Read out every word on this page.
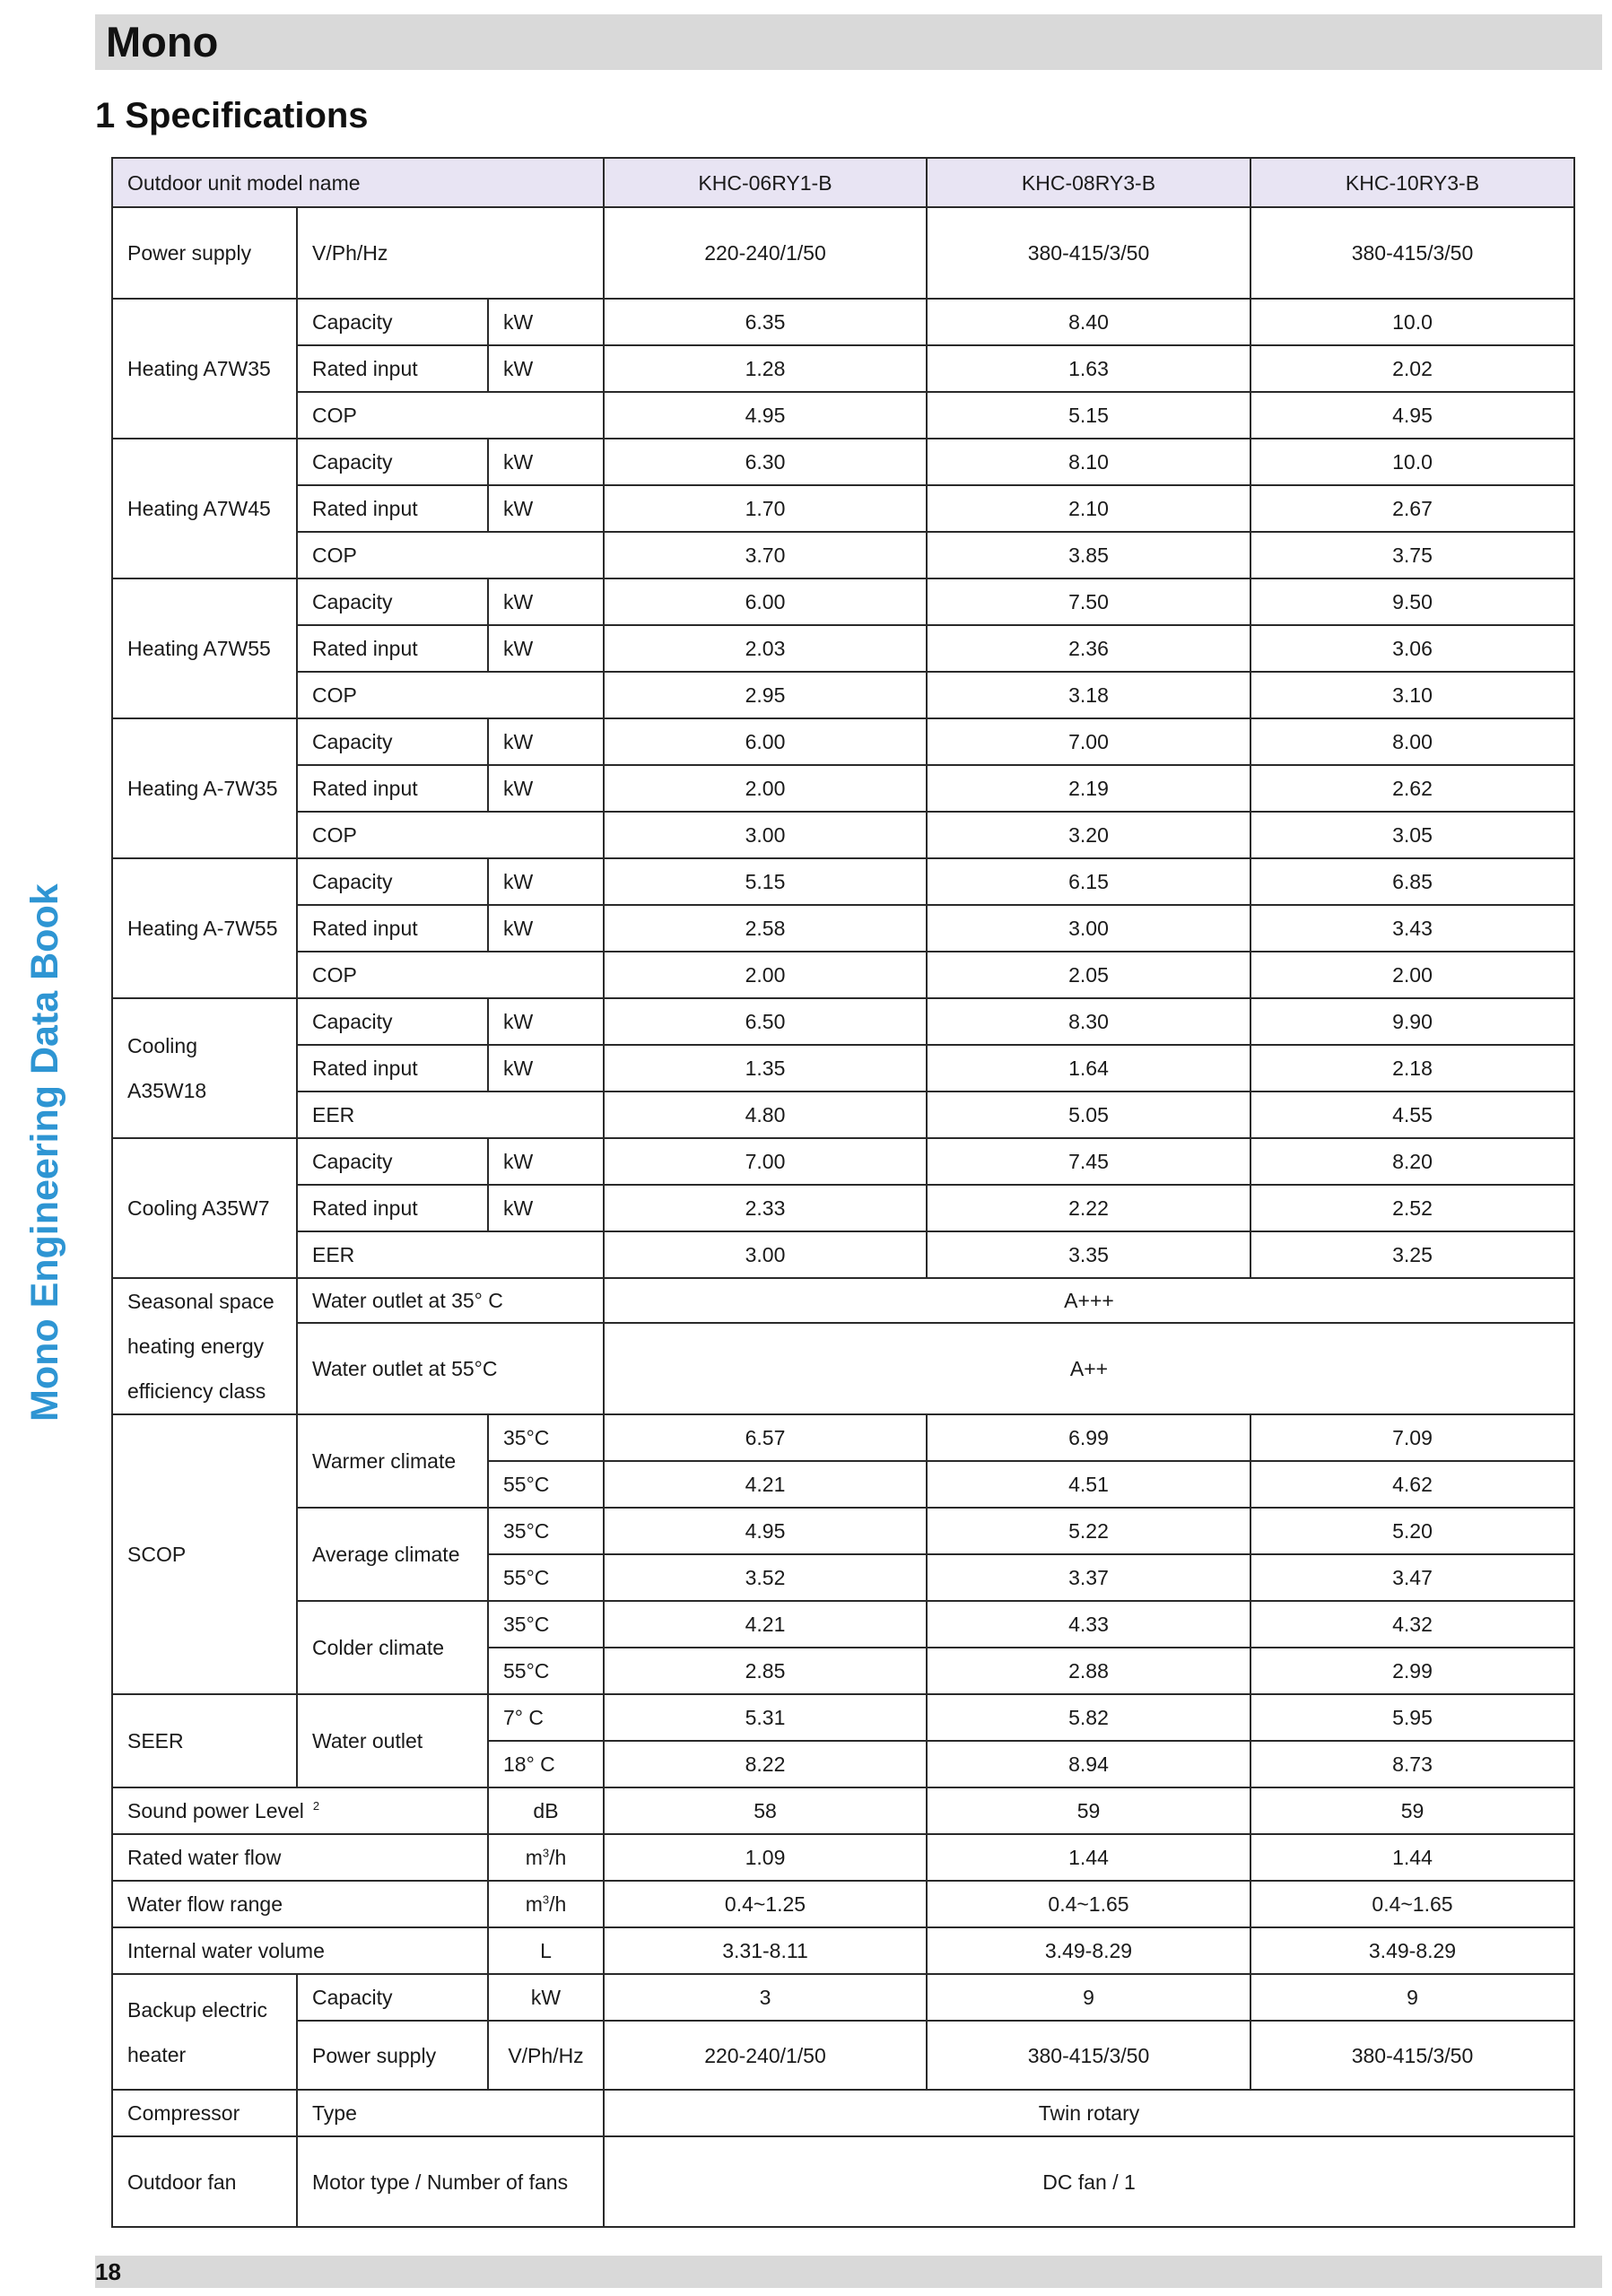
Mono
1 Specifications
Mono Engineering Data Book
Outdoor unit model name			KHC-06RY1-B	KHC-08RY3-B	KHC-10RY3-B
Power supply	V/Ph/Hz		220-240/1/50	380-415/3/50	380-415/3/50
Heating A7W35	Capacity	kW	6.35	8.40	10.0
	Rated input	kW	1.28	1.63	2.02
	COP		4.95	5.15	4.95
Heating A7W45	Capacity	kW	6.30	8.10	10.0
	Rated input	kW	1.70	2.10	2.67
	COP		3.70	3.85	3.75
Heating A7W55	Capacity	kW	6.00	7.50	9.50
	Rated input	kW	2.03	2.36	3.06
	COP		2.95	3.18	3.10
Heating A-7W35	Capacity	kW	6.00	7.00	8.00
	Rated input	kW	2.00	2.19	2.62
	COP		3.00	3.20	3.05
Heating A-7W55	Capacity	kW	5.15	6.15	6.85
	Rated input	kW	2.58	3.00	3.43
	COP		2.00	2.05	2.00
Cooling A35W18	Capacity	kW	6.50	8.30	9.90
	Rated input	kW	1.35	1.64	2.18
	EER		4.80	5.05	4.55
Cooling A35W7	Capacity	kW	7.00	7.45	8.20
	Rated input	kW	2.33	2.22	2.52
	EER		3.00	3.35	3.25
Seasonal space heating energy efficiency class	Water outlet at 35° C		A+++		
	Water outlet at 55°C		A++		
SCOP	Warmer climate	35°C	6.57	6.99	7.09
		55°C	4.21	4.51	4.62
	Average climate	35°C	4.95	5.22	5.20
		55°C	3.52	3.37	3.47
	Colder climate	35°C	4.21	4.33	4.32
		55°C	2.85	2.88	2.99
SEER	Water outlet	7° C	5.31	5.82	5.95
		18° C	8.22	8.94	8.73
Sound power Level $^2$		dB	58	59	59
Rated water flow		$m^3/h$	1.09	1.44	1.44
Water flow range		$m^3/h$	0.4~1.25	0.4~1.65	0.4~1.65
Internal water volume		L	3.31-8.11	3.49-8.29	3.49-8.29
Backup electric heater	Capacity	kW	3	9	9
	Power supply	V/Ph/Hz	220-240/1/50	380-415/3/50	380-415/3/50
Compressor	Type		Twin rotary		
Outdoor fan	Motor type / Number of fans		DC fan / 1		
18
